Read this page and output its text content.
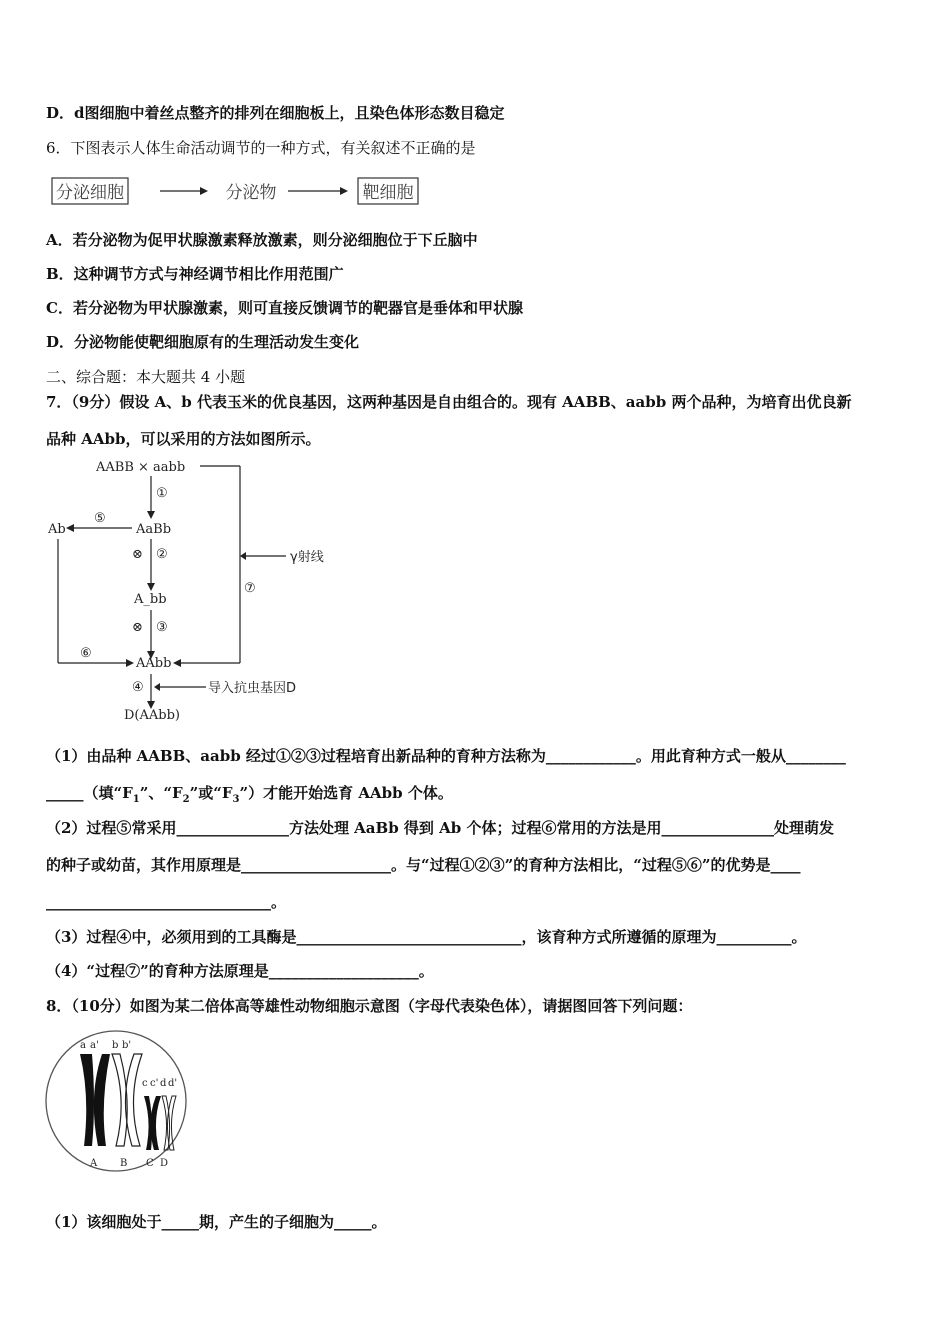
D．d图细胞中着丝点整齐的排列在细胞板上，且染色体形态数目稳定
6．下图表示人体生命活动调节的一种方式，有关叙述不正确的是
分泌细胞	分泌物	靶细胞
A．若分泌物为促甲状腺激素释放激素，则分泌细胞位于下丘脑中
B．这种调节方式与神经调节相比作用范围广
C．若分泌物为甲状腺激素，则可直接反馈调节的靶器官是垂体和甲状腺
D．分泌物能使靶细胞原有的生理活动发生变化
二、综合题：本大题共 4 小题
7．（9分）假设 A、b 代表玉米的优良基因，这两种基因是自由组合的。现有 AABB、aabb 两个品种，为培育出优良新
品种 AAbb，可以采用的方法如图所示。
AABB × aabb
γ射线
⑦
①
AaBb
⑤
Ab
⑥
⊗ ②
A_bb
⊗ ③
AAbb
④	导入抗虫基因D
D(AAbb)
（1）由品种 AABB、aabb 经过①②③过程培育出新品种的育种方法称为____________。用此育种方式一般从________
_____（填“$F_1$”、“$F_2$”或“$F_3$”）才能开始选育 AAbb 个体。
（2）过程⑤常采用_______________方法处理 AaBb 得到 Ab 个体；过程⑥常用的方法是用_______________处理萌发
的种子或幼苗，其作用原理是____________________。与“过程①②③”的育种方法相比，“过程⑤⑥”的优势是____
______________________________。
（3）过程④中，必须用到的工具酶是______________________________，该育种方式所遵循的原理为__________。
（4）“过程⑦”的育种方法原理是____________________。
8．（10分）如图为某二倍体高等雄性动物细胞示意图（字母代表染色体），请据图回答下列问题：
a a' b b'
c c' d d'
A B C D
（1）该细胞处于_____期，产生的子细胞为_____。
